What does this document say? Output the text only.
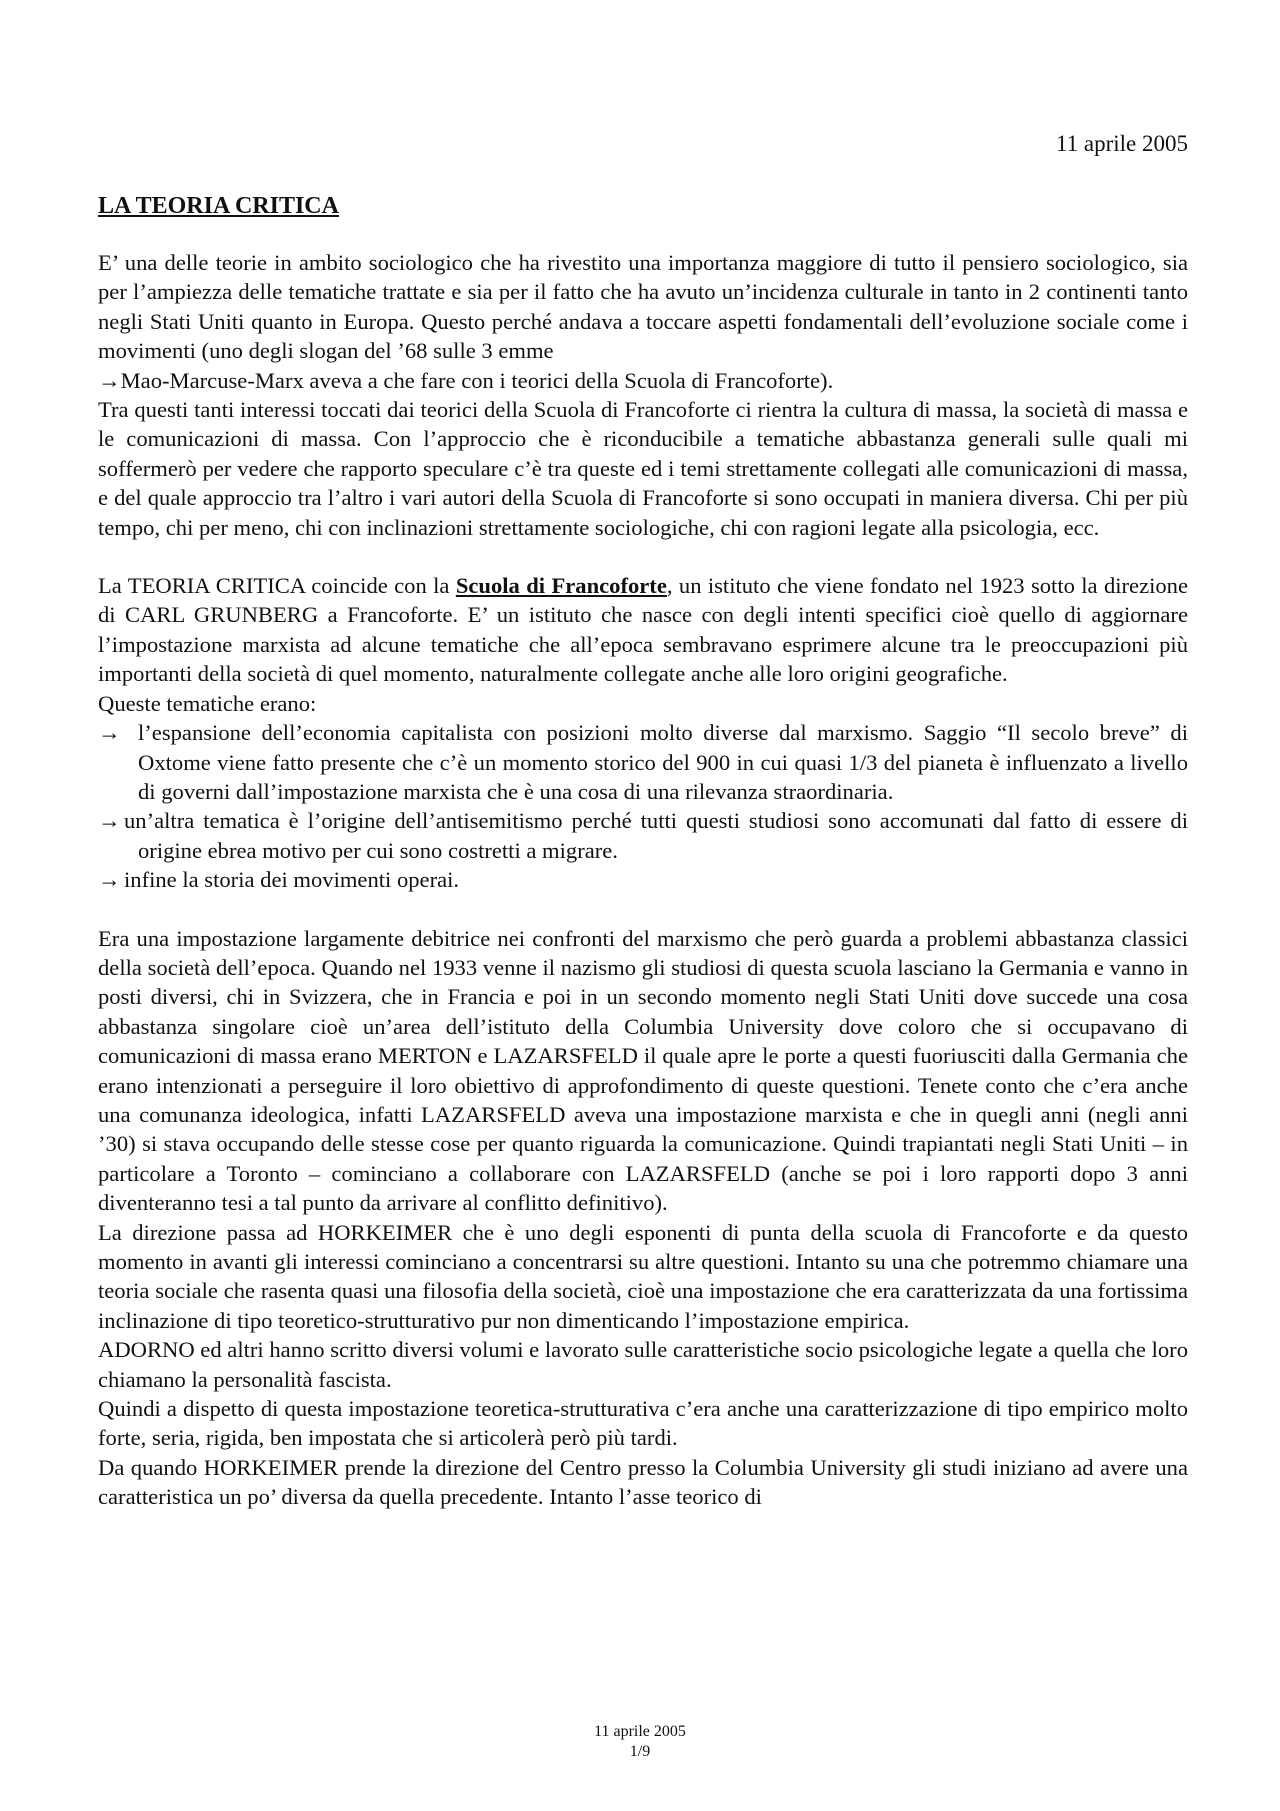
11 aprile 2005
LA TEORIA CRITICA

E’ una delle teorie in ambito sociologico che ha rivestito una importanza maggiore di tutto il pensiero sociologico, sia per l’ampiezza delle tematiche trattate e sia per il fatto che ha avuto un’incidenza culturale in tanto in 2 continenti tanto negli Stati Uniti quanto in Europa. Questo perché andava a toccare aspetti fondamentali dell’evoluzione sociale come i movimenti (uno degli slogan del ’68 sulle 3 emme
→Mao-Marcuse-Marx aveva a che fare con i teorici della Scuola di Francoforte).

Tra questi tanti interessi toccati dai teorici della Scuola di Francoforte ci rientra la cultura di massa, la società di massa e le comunicazioni di massa. Con l’approccio che è riconducibile a tematiche abbastanza generali sulle quali mi soffermerò per vedere che rapporto speculare c’è tra queste ed i temi strettamente collegati alle comunicazioni di massa, e del quale approccio tra l’altro i vari autori della Scuola di Francoforte si sono occupati in maniera diversa. Chi per più tempo, chi per meno, chi con inclinazioni strettamente sociologiche, chi con ragioni legate alla psicologia, ecc.

La TEORIA CRITICA coincide con la Scuola di Francoforte, un istituto che viene fondato nel 1923 sotto la direzione di CARL GRUNBERG a Francoforte. E’ un istituto che nasce con degli intenti specifici cioè quello di aggiornare l’impostazione marxista ad alcune tematiche che all’epoca sembravano esprimere alcune tra le preoccupazioni più importanti della società di quel momento, naturalmente collegate anche alle loro origini geografiche.

Queste tematiche erano:

→ l’espansione dell’economia capitalista con posizioni molto diverse dal marxismo. Saggio “Il secolo breve” di Oxtome viene fatto presente che c’è un momento storico del 900 in cui quasi 1/3 del pianeta è influenzato a livello di governi dall’impostazione marxista che è una cosa di una rilevanza straordinaria.

→ un’altra tematica è l’origine dell’antisemitismo perché tutti questi studiosi sono accomunati dal fatto di essere di origine ebrea motivo per cui sono costretti a migrare.

→ infine la storia dei movimenti operai.

Era una impostazione largamente debitrice nei confronti del marxismo che però guarda a problemi abbastanza classici della società dell’epoca. Quando nel 1933 venne il nazismo gli studiosi di questa scuola lasciano la Germania e vanno in posti diversi, chi in Svizzera, che in Francia e poi in un secondo momento negli Stati Uniti dove succede una cosa abbastanza singolare cioè un’area dell’istituto della Columbia University dove coloro che si occupavano di comunicazioni di massa erano MERTON e LAZARSFELD il quale apre le porte a questi fuoriusciti dalla Germania che erano intenzionati a perseguire il loro obiettivo di approfondimento di queste questioni. Tenete conto che c’era anche una comunanza ideologica, infatti LAZARSFELD aveva una impostazione marxista e che in quegli anni (negli anni ’30) si stava occupando delle stesse cose per quanto riguarda la comunicazione. Quindi trapiantati negli Stati Uniti – in particolare a Toronto – cominciano a collaborare con LAZARSFELD (anche se poi i loro rapporti dopo 3 anni diventeranno tesi a tal punto da arrivare al conflitto definitivo).

La direzione passa ad HORKEIMER che è uno degli esponenti di punta della scuola di Francoforte e da questo momento in avanti gli interessi cominciano a concentrarsi su altre questioni. Intanto su una che potremmo chiamare una teoria sociale che rasenta quasi una filosofia della società, cioè una impostazione che era caratterizzata da una fortissima inclinazione di tipo teoretico-strutturativo pur non dimenticando l’impostazione empirica.

ADORNO ed altri hanno scritto diversi volumi e lavorato sulle caratteristiche socio psicologiche legate a quella che loro chiamano la personalità fascista.

Quindi a dispetto di questa impostazione teoretica-strutturativa c’era anche una caratterizzazione di tipo empirico molto forte, seria, rigida, ben impostata che si articolerà però più tardi.

Da quando HORKEIMER prende la direzione del Centro presso la Columbia University gli studi iniziano ad avere una caratteristica un po’ diversa da quella precedente. Intanto l’asse teorico di

11 aprile 2005
1/9
